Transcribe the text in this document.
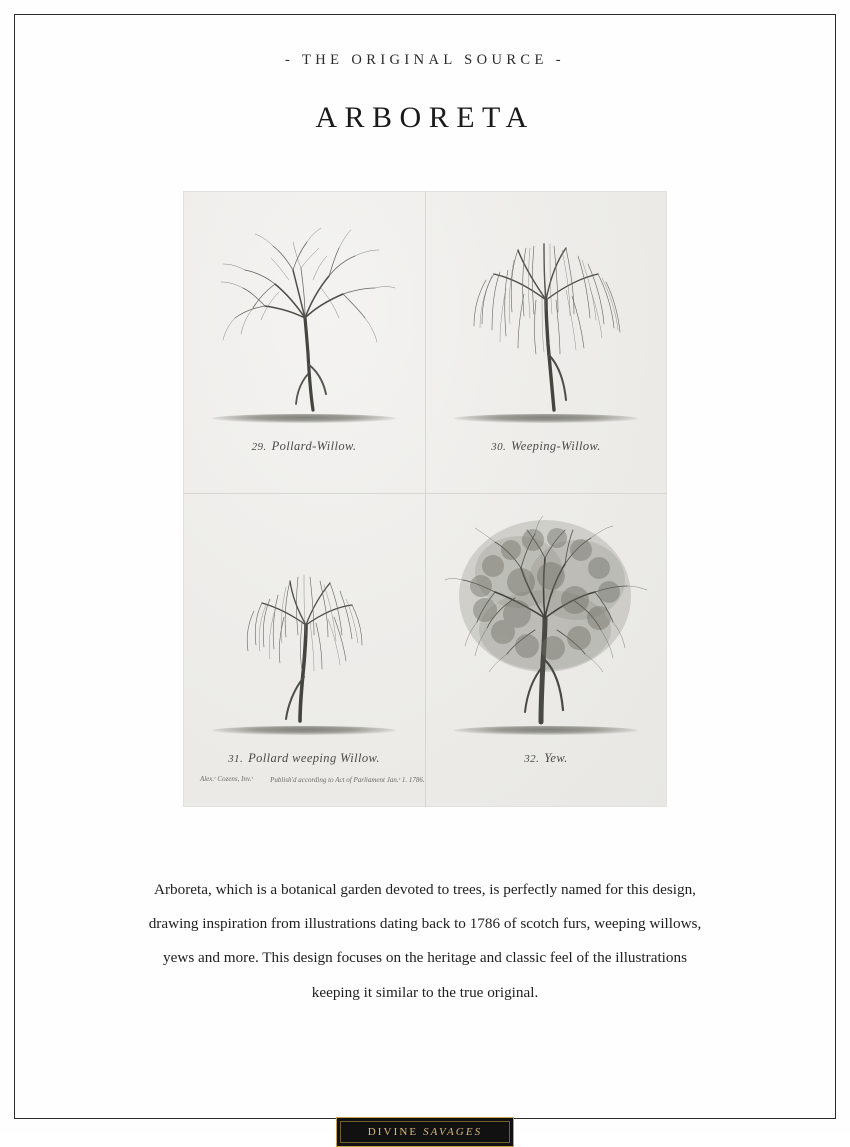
- THE ORIGINAL SOURCE -
ARBORETA
29. Pollard-Willow.	30. Weeping-Willow.
31. Pollard weeping Willow.
Alex.ʳ Cozens, Inv.ᵗ	Publish'd according to Act of Parliament Jan.ʳ 1. 1786.
32. Yew.
Arboreta, which is a botanical garden devoted to trees, is perfectly named for this design,
drawing inspiration from illustrations dating back to 1786 of scotch furs, weeping willows,
yews and more. This design focuses on the heritage and classic feel of the illustrations
keeping it similar to the true original.
DIVINE SAVAGES
